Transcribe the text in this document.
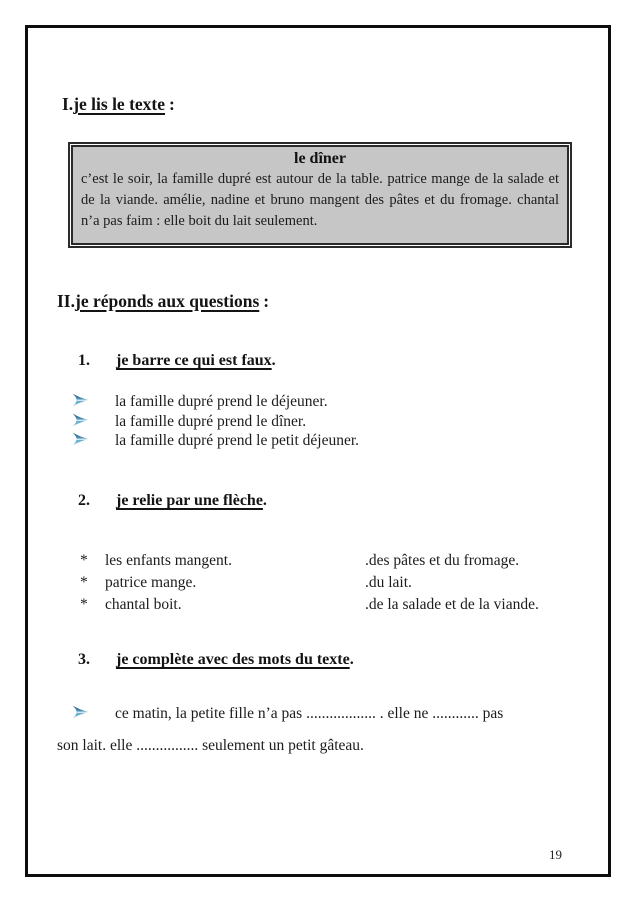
I.je lis le texte :
le dîner
c’est le soir, la famille dupré est autour de la table. patrice mange de la salade et de la viande. amélie, nadine et bruno mangent des pâtes et du fromage. chantal n’a pas faim : elle boit du lait seulement.
II.je réponds aux questions :
1. je barre ce qui est faux.
la famille dupré prend le déjeuner.
la famille dupré prend le dîner.
la famille dupré prend le petit déjeuner.
2. je relie par une flèche.
*	les enfants mangent.	.des pâtes et du fromage.
*	patrice mange.	.du lait.
*	chantal boit.	.de la salade et de la viande.
3. je complète avec des mots du texte.
ce matin, la petite fille n’a pas .................. . elle ne ............ pas
son lait. elle ................ seulement un petit gâteau.
19
